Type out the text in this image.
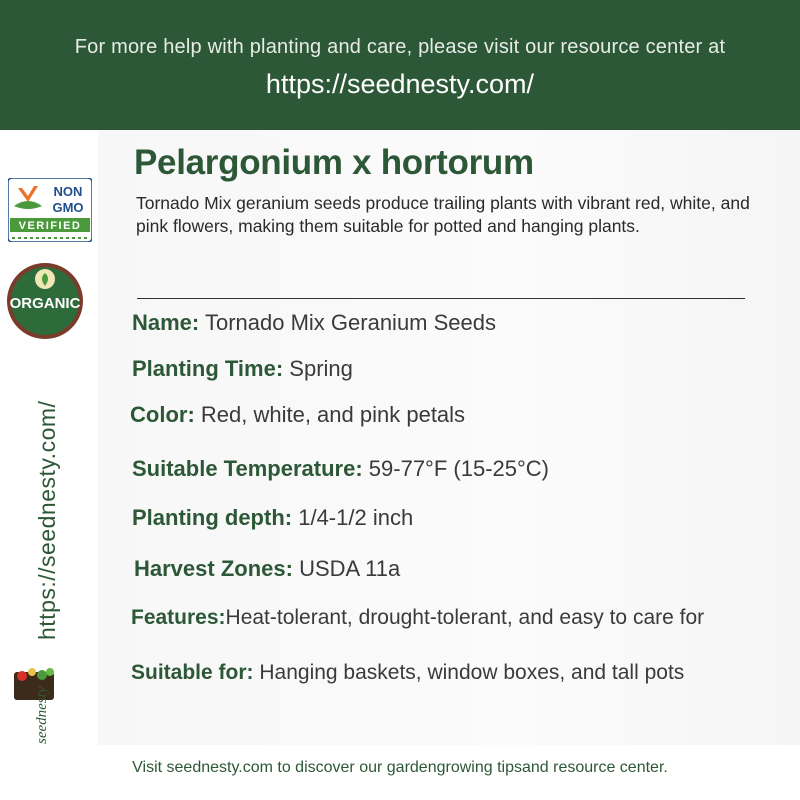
For more help with planting and care, please visit our resource center at
https://seednesty.com/
NON
GMO
VERIFIED
ORGANIC
https://seednesty.com/
seednesty
Pelargonium x hortorum
Tornado Mix geranium seeds produce trailing plants with vibrant red, white, and pink flowers, making them suitable for potted and hanging plants.
Name: Tornado Mix Geranium Seeds
Planting Time: Spring
Color: Red, white, and pink petals
Suitable Temperature: 59-77°F (15-25°C)
Planting depth: 1/4-1/2 inch
Harvest Zones: USDA 11a
Features:Heat-tolerant, drought-tolerant, and easy to care for
Suitable for: Hanging baskets, window boxes, and tall pots
Visit seednesty.com to discover our gardengrowing tipsand resource center.
